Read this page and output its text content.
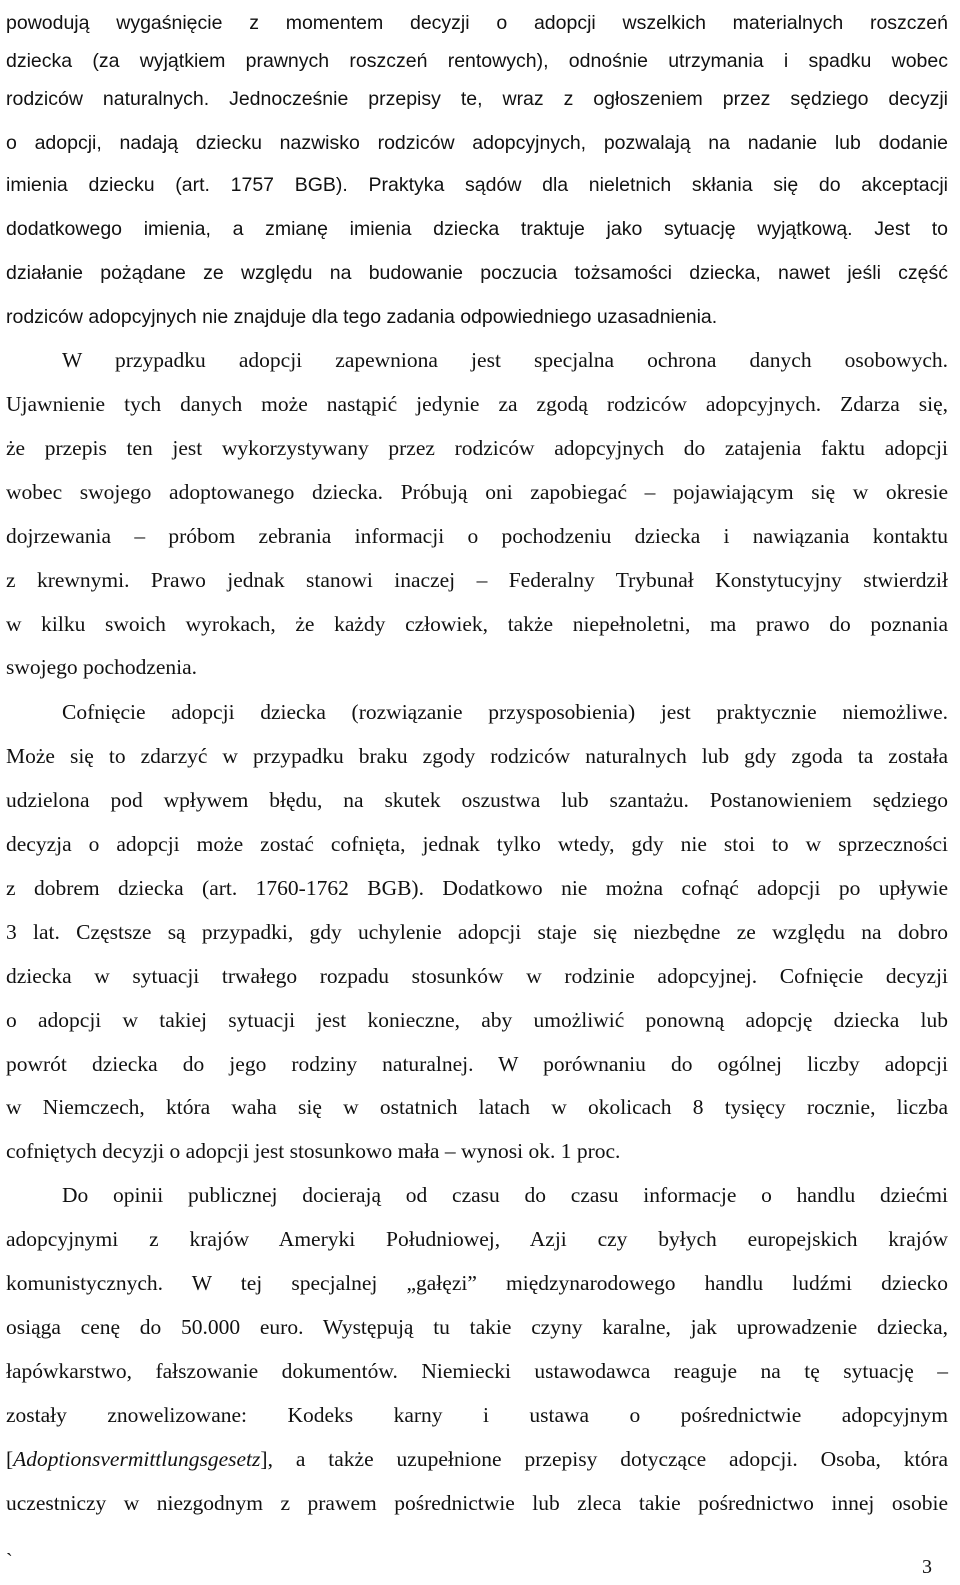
powodują wygaśnięcie z momentem decyzji o adopcji wszelkich materialnych roszczeń
dziecka (za wyjątkiem prawnych roszczeń rentowych), odnośnie utrzymania i spadku wobec
rodziców naturalnych. Jednocześnie przepisy te, wraz z ogłoszeniem przez sędziego decyzji
o adopcji, nadają dziecku nazwisko rodziców adopcyjnych, pozwalają na nadanie lub dodanie
imienia dziecku (art. 1757 BGB). Praktyka sądów dla nieletnich skłania się do akceptacji
dodatkowego imienia, a zmianę imienia dziecka traktuje jako sytuację wyjątkową. Jest to
działanie pożądane ze względu na budowanie poczucia tożsamości dziecka, nawet jeśli część
rodziców adopcyjnych nie znajduje dla tego zadania odpowiedniego uzasadnienia.
W przypadku adopcji zapewniona jest specjalna ochrona danych osobowych.
Ujawnienie tych danych może nastąpić jedynie za zgodą rodziców adopcyjnych. Zdarza się,
że przepis ten jest wykorzystywany przez rodziców adopcyjnych do zatajenia faktu adopcji
wobec swojego adoptowanego dziecka. Próbują oni zapobiegać – pojawiającym się w okresie
dojrzewania – próbom zebrania informacji o pochodzeniu dziecka i nawiązania kontaktu
z krewnymi. Prawo jednak stanowi inaczej – Federalny Trybunał Konstytucyjny stwierdził
w kilku swoich wyrokach, że każdy człowiek, także niepełnoletni, ma prawo do poznania
swojego pochodzenia.
Cofnięcie adopcji dziecka (rozwiązanie przysposobienia) jest praktycznie niemożliwe.
Może się to zdarzyć w przypadku braku zgody rodziców naturalnych lub gdy zgoda ta została
udzielona pod wpływem błędu, na skutek oszustwa lub szantażu. Postanowieniem sędziego
decyzja o adopcji może zostać cofnięta, jednak tylko wtedy, gdy nie stoi to w sprzeczności
z dobrem dziecka (art. 1760-1762 BGB). Dodatkowo nie można cofnąć adopcji po upływie
3 lat. Częstsze są przypadki, gdy uchylenie adopcji staje się niezbędne ze względu na dobro
dziecka w sytuacji trwałego rozpadu stosunków w rodzinie adopcyjnej. Cofnięcie decyzji
o adopcji w takiej sytuacji jest konieczne, aby umożliwić ponowną adopcję dziecka lub
powrót dziecka do jego rodziny naturalnej. W porównaniu do ogólnej liczby adopcji
w Niemczech, która waha się w ostatnich latach w okolicach 8 tysięcy rocznie, liczba
cofniętych decyzji o adopcji jest stosunkowo mała – wynosi ok. 1 proc.
Do opinii publicznej docierają od czasu do czasu informacje o handlu dziećmi
adopcyjnymi z krajów Ameryki Południowej, Azji czy byłych europejskich krajów
komunistycznych. W tej specjalnej „gałęzi” międzynarodowego handlu ludźmi dziecko
osiąga cenę do 50.000 euro. Występują tu takie czyny karalne, jak uprowadzenie dziecka,
łapówkarstwo, fałszowanie dokumentów. Niemiecki ustawodawca reaguje na tę sytuację –
zostały znowelizowane: Kodeks karny i ustawa o pośrednictwie adopcyjnym
[Adoptionsvermittlungsgesetz], a także uzupełnione przepisy dotyczące adopcji. Osoba, która
uczestniczy w niezgodnym z prawem pośrednictwie lub zleca takie pośrednictwo innej osobie
`	3
